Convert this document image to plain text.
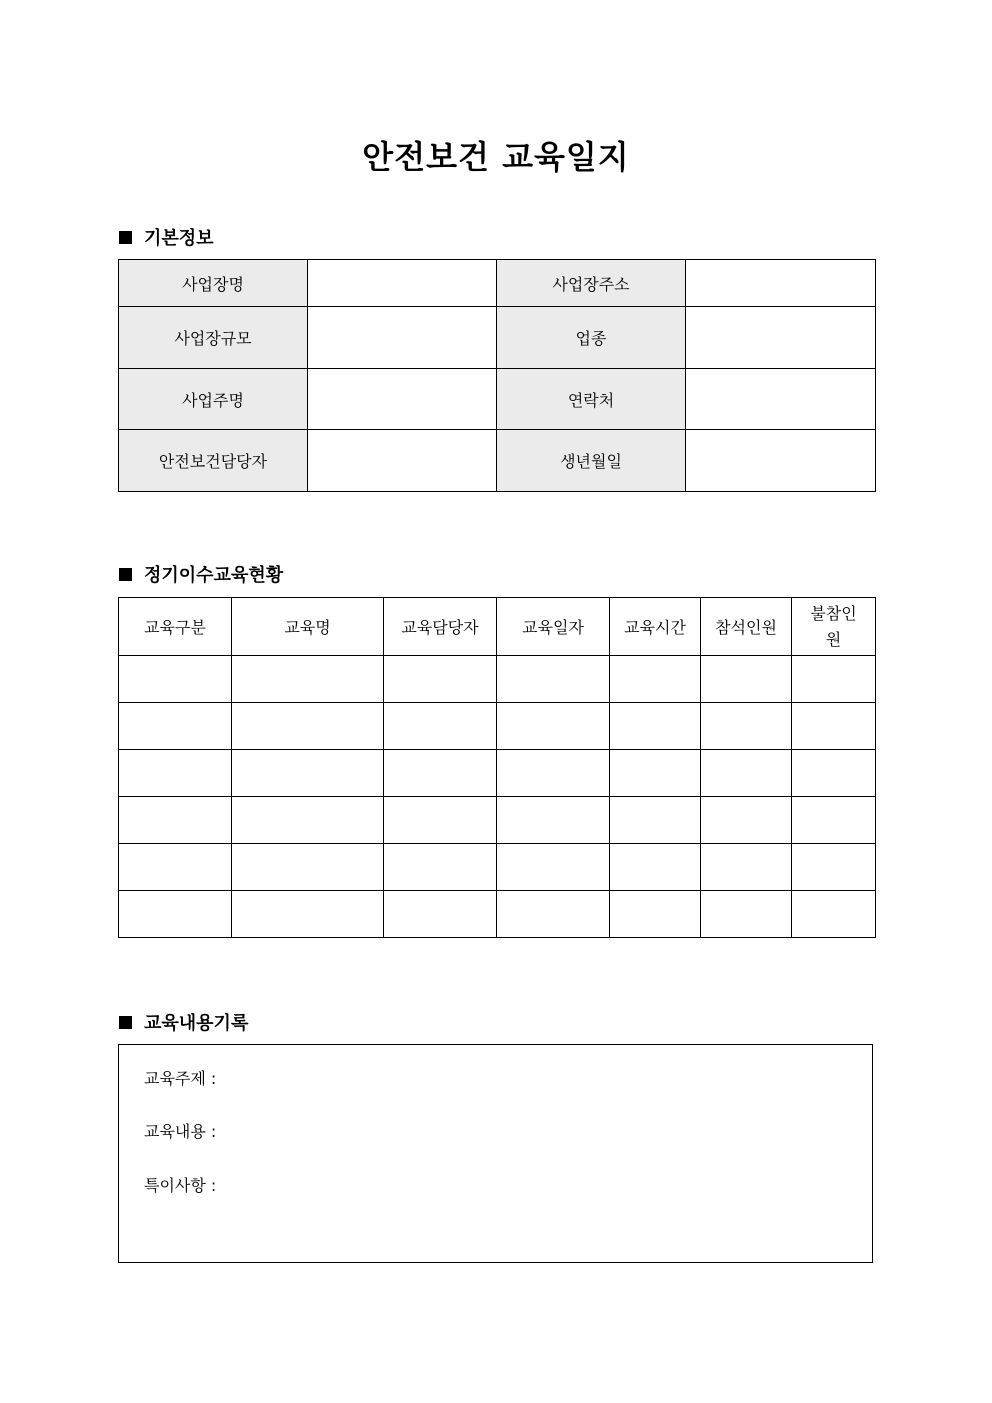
안전보건 교육일지
기본정보
사업장명		사업장주소	
사업장규모		업종	
사업주명		연락처	
안전보건담당자		생년월일	
정기이수교육현황
교육구분	교육명	교육담당자	교육일자	교육시간	참석인원	불참인원

교육내용기록
교육주제 :
교육내용 :
특이사항 :
